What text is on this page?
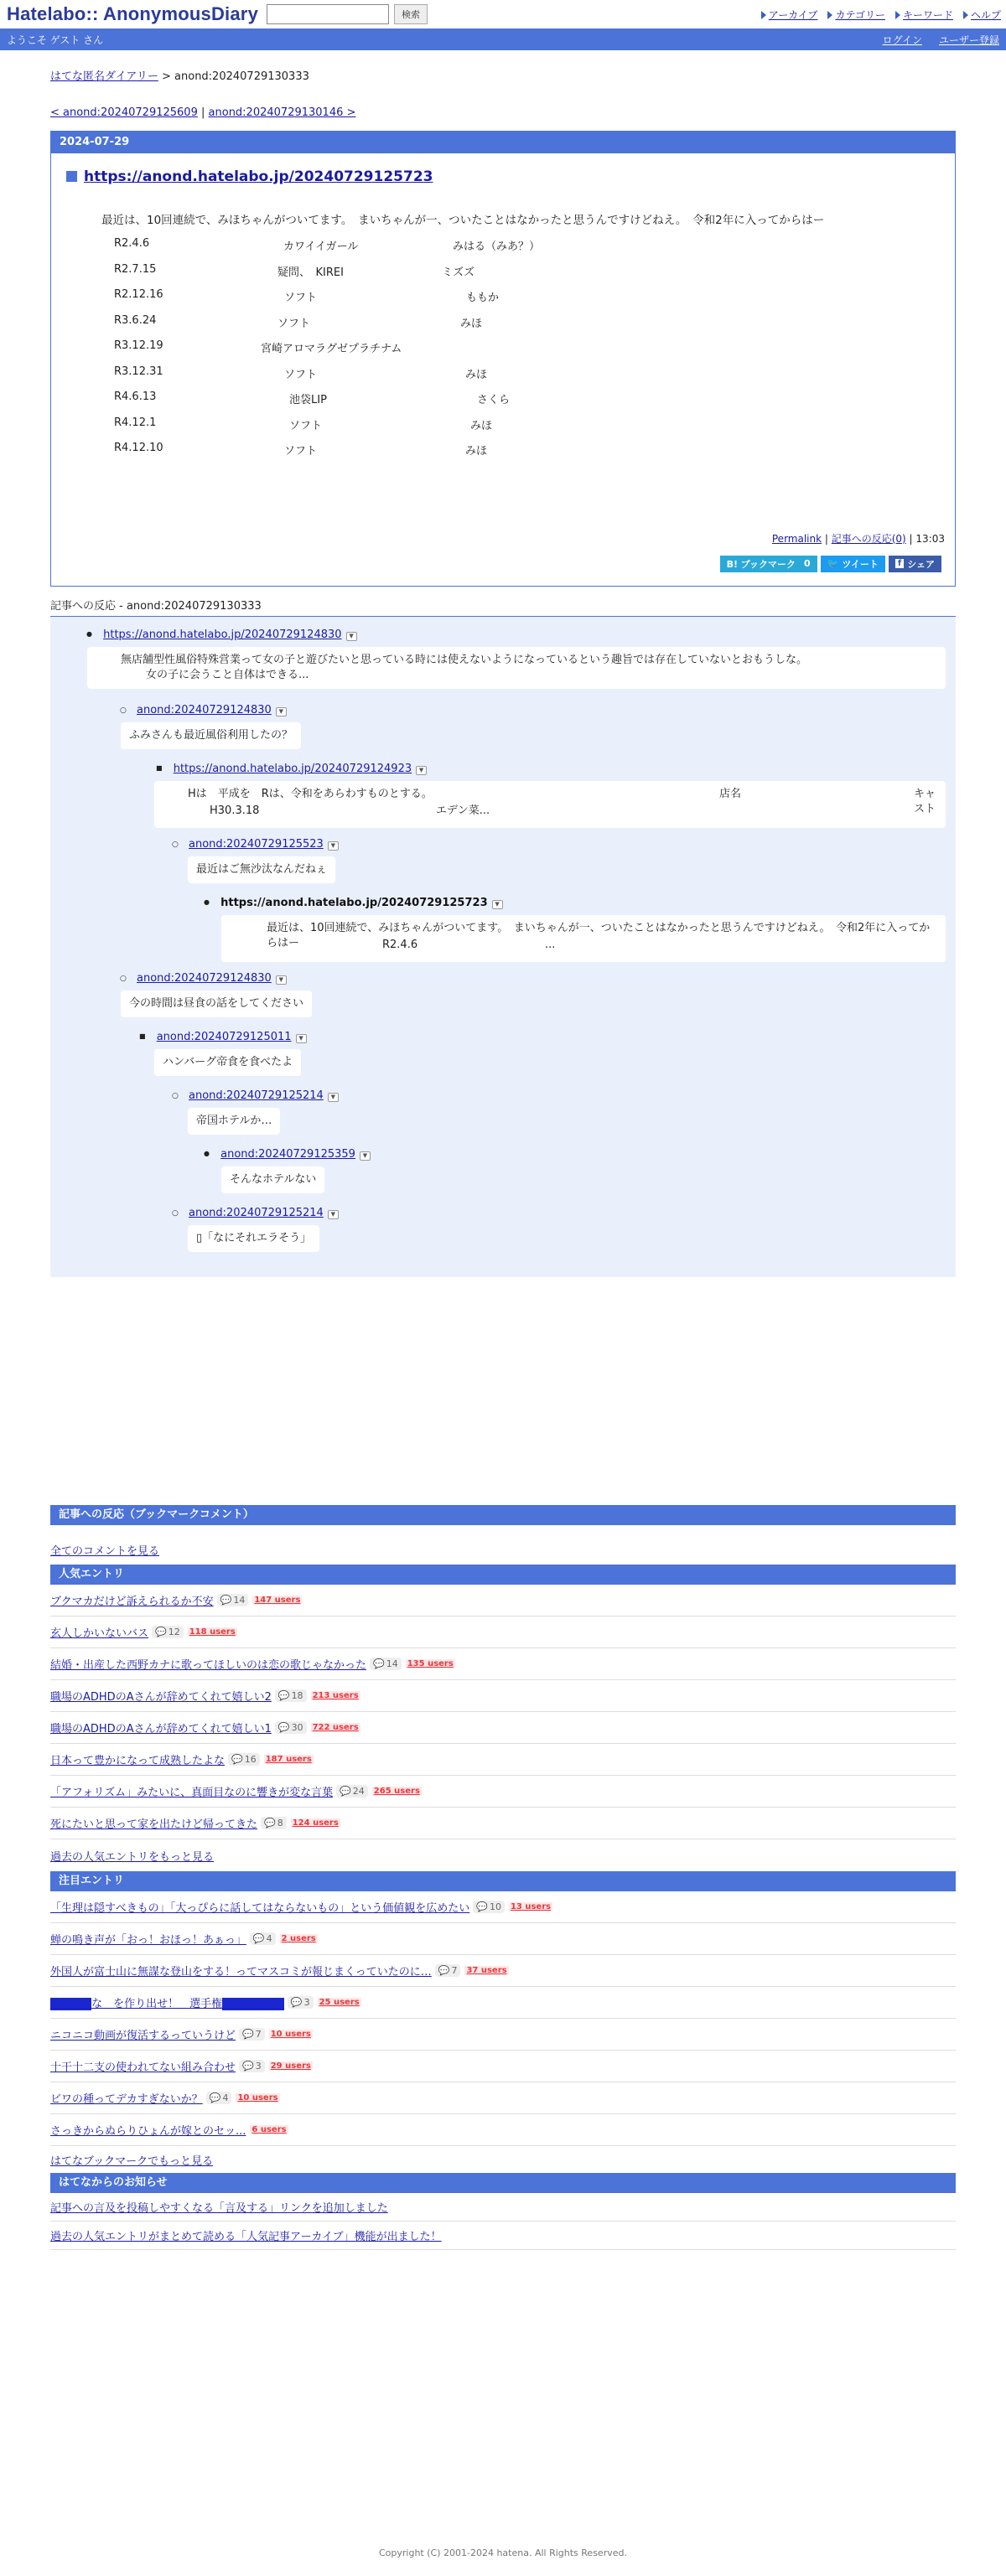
Hatelabo:: AnonymousDiary	検索	アーカイブ	カテゴリー	キーワード	ヘルプ
ようこそ ゲスト さん	ログイン ユーザー登録
はてな匿名ダイアリー > anond:20240729130333
< anond:20240729125609 | anond:20240729130146 >
2024-07-29
https://anond.hatelabo.jp/20240729125723
最近は、10回連続で、みほちゃんがついてます。　まいちゃんが一、ついたことはなかったと思うんですけどねえ。　令和2年に入ってからはー
R2.4.6	カワイイガール	みはる（みあ？）
R2.7.15	疑問、　KIREI	ミズズ
R2.12.16	ソフト	ももか
R3.6.24	ソフト	みほ
R3.12.19	宮崎アロマラグゼプラチナム
R3.12.31	ソフト	みほ
R4.6.13	池袋LIP	さくら
R4.12.1	ソフト	みほ
R4.12.10	ソフト	みほ
Permalink | 記事への反応(0) | 13:03
B! ブックマーク 0 🐦 ツイート	f シェア
記事への反応 - anond:20240729130333
● https://anond.hatelabo.jp/20240729124830 ▼
無店舗型性風俗特殊営業って女の子と遊びたいと思っている時には使えないようになっているという趣旨では存在していないとおもうしな。
女の子に会うこと自体はできる...
○ anond:20240729124830 ▼
ふみさんも最近風俗利用したの？
■ https://anond.hatelabo.jp/20240729124923 ▼
Hは　平成を　Rは、令和をあらわすものとする。	店名	キャスト
H30.3.18	エデン菜...
○ anond:20240729125523 ▼
最近はご無沙汰なんだねぇ
● https://anond.hatelabo.jp/20240729125723 ▼
最近は、10回連続で、みほちゃんがついてます。　まいちゃんが一、ついたことはなかったと思うんですけどねえ。　令和2年に入ってからはー	R2.4.6	...
○ anond:20240729124830 ▼
今の時間は昼食の話をしてください
■ anond:20240729125011 ▼
ハンバーグ帝食を食べたよ
○ anond:20240729125214 ▼
帝国ホテルか…
● anond:20240729125359 ▼
そんなホテルない
○ anond:20240729125214 ▼
▯「なにそれエラそう」
記事への反応（ブックマークコメント）
全てのコメントを見る
人気エントリ
ブクマカだけど訴えられるか不安 💬 14 147 users
玄人しかいないバス 💬 12 118 users
結婚・出産した西野カナに歌ってほしいのは恋の歌じゃなかった 💬 14 135 users
職場のADHDのAさんが辞めてくれて嬉しい2 💬 18 213 users
職場のADHDのAさんが辞めてくれて嬉しい1 💬 30 722 users
日本って豊かになって成熟したよな 💬 16 187 users
「アフォリズム」みたいに、真面目なのに響きが変な言葉 💬 24 265 users
死にたいと思って家を出たけど帰ってきた 💬 8 124 users
過去の人気エントリをもっと見る
注目エントリ
「生理は隠すべきもの」「大っぴらに話してはならないもの」という価値観を広めたい 💬 10 13 users
蝉の鳴き声が「おっ！おほっ！あぁっ」 💬 4 2 users
外国人が富士山に無謀な登山をする！ってマスコミが報じまくっていたのに… 💬 7 37 users
■■■■な　を作り出せ！　選手権■■■■■■ 💬 3 25 users
ニコニコ動画が復活するっていうけど 💬 7 10 users
十干十二支の使われてない組み合わせ 💬 3 29 users
ビワの種ってデカすぎないか？ 💬 4 10 users
さっきからぬらりひょんが嫁とのセッ... 6 users
はてなブックマークでもっと見る
はてなからのお知らせ
記事への言及を投稿しやすくなる「言及する」リンクを追加しました
過去の人気エントリがまとめて読める「人気記事アーカイブ」機能が出ました！
Copyright (C) 2001-2024 hatena. All Rights Reserved.
